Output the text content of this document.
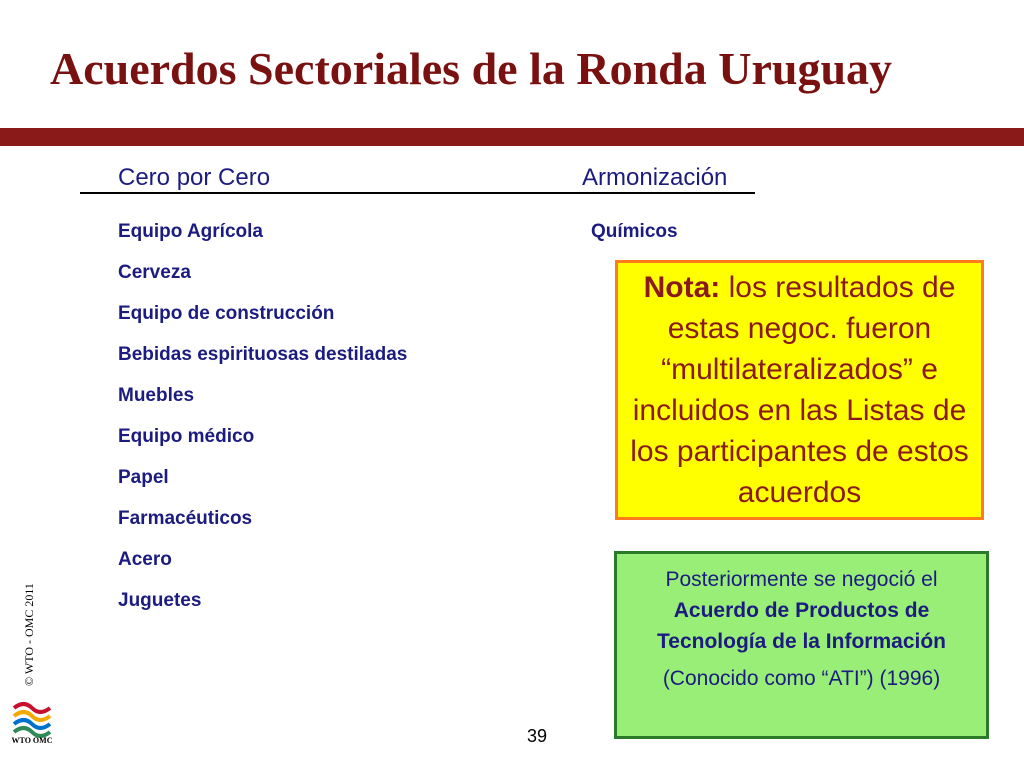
Acuerdos Sectoriales de la Ronda Uruguay
Cero por Cero	Armonización
Equipo Agrícola
Cerveza
Equipo de construcción
Bebidas espirituosas destiladas
Muebles
Equipo médico
Papel
Farmacéuticos
Acero
Juguetes
Químicos
Nota: los resultados de estas negoc. fueron “multilateralizados” e incluidos en las Listas de los participantes de estos acuerdos
Posteriormente se negoció el
Acuerdo de Productos de Tecnología de la Información
(Conocido como “ATI”) (1996)
© WTO - OMC 2011
WTO OMC	39
